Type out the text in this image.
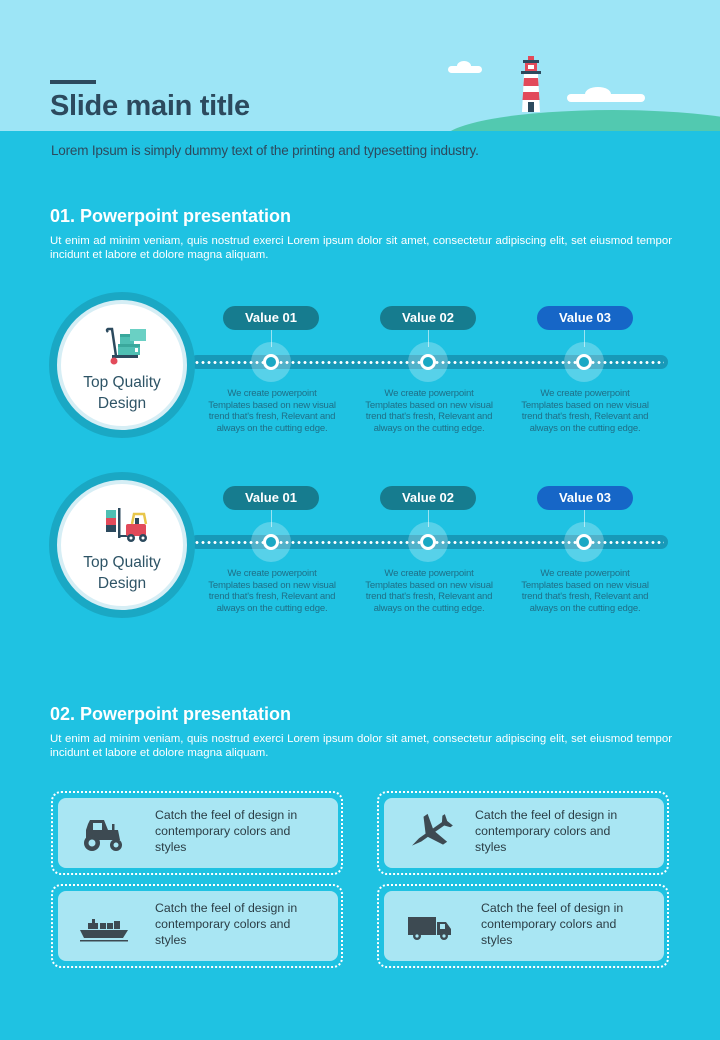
Slide main title
Lorem Ipsum is simply dummy text of the printing and typesetting industry.
01. Powerpoint presentation
Ut enim ad minim veniam, quis nostrud exerci Lorem ipsum dolor sit amet, consectetur adipiscing elit, set eiusmod tempor incidunt et labore et dolore magna aliquam.
Value 01	Value 02	Value 03
We create powerpoint Templates based on new visual trend that's fresh, Relevant and always on the cutting edge.
We create powerpoint Templates based on new visual trend that's fresh, Relevant and always on the cutting edge.
We create powerpoint Templates based on new visual trend that's fresh, Relevant and always on the cutting edge.
Top Quality
Design
Value 01	Value 02	Value 03
We create powerpoint Templates based on new visual trend that's fresh, Relevant and always on the cutting edge.
We create powerpoint Templates based on new visual trend that's fresh, Relevant and always on the cutting edge.
We create powerpoint Templates based on new visual trend that's fresh, Relevant and always on the cutting edge.
Top Quality
Design
02. Powerpoint presentation
Ut enim ad minim veniam, quis nostrud exerci Lorem ipsum dolor sit amet, consectetur adipiscing elit, set eiusmod tempor incidunt et labore et dolore magna aliquam.
Catch the feel of design in contemporary colors and styles
Catch the feel of design in contemporary colors and styles
Catch the feel of design in contemporary colors and styles
Catch the feel of design in contemporary colors and styles
